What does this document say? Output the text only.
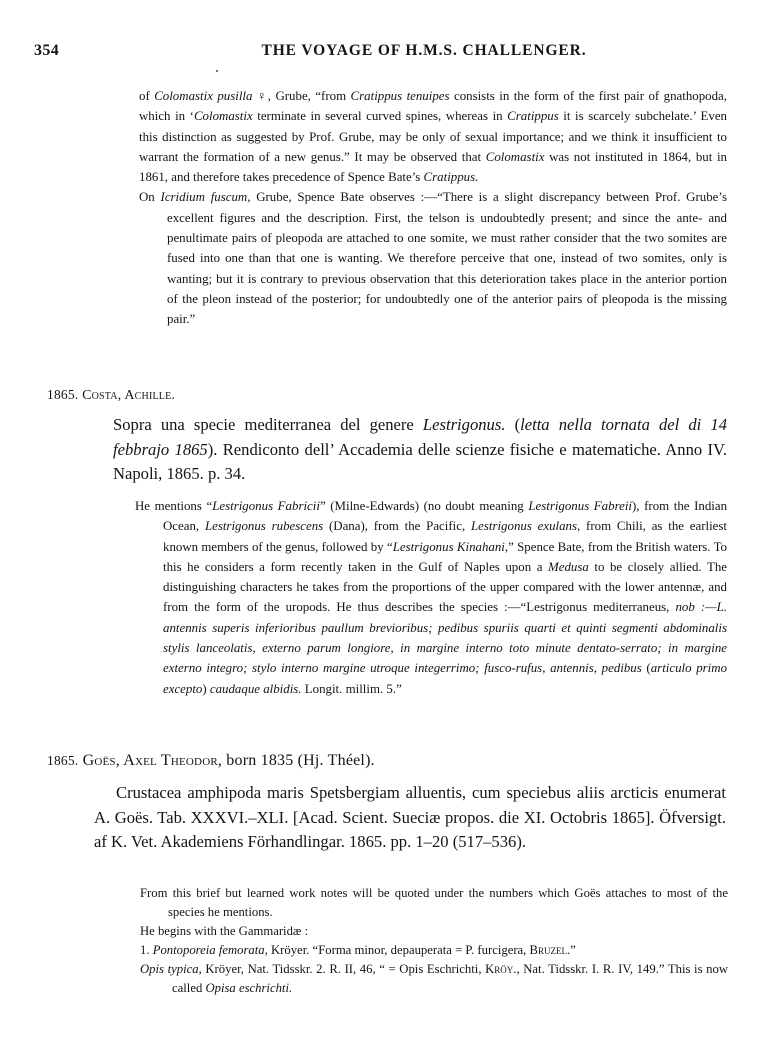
354	THE VOYAGE OF H.M.S. CHALLENGER.

of Colomastix pusilla ♀, Grube, “from Cratippus tenuipes consists in the form of the first pair of gnathopoda, which in ‘Colomastix terminate in several curved spines, whereas in Cratippus it is scarcely subchelate.’ Even this distinction as suggested by Prof. Grube, may be only of sexual importance; and we think it insufficient to warrant the formation of a new genus.” It may be observed that Colomastix was not instituted in 1864, but in 1861, and therefore takes precedence of Spence Bate’s Cratippus.

On Icridium fuscum, Grube, Spence Bate observes :—“There is a slight discrepancy between Prof. Grube’s excellent figures and the description. First, the telson is undoubtedly present; and since the ante- and penultimate pairs of pleopoda are attached to one somite, we must rather consider that the two somites are fused into one than that one is wanting. We therefore perceive that one, instead of two somites, only is wanting; but it is contrary to previous observation that this deterioration takes place in the anterior portion of the pleon instead of the posterior; for undoubtedly one of the anterior pairs of pleopoda is the missing pair.”

1865. Costa, Achille.
Sopra una specie mediterranea del genere Lestrigonus. (letta nella tornata del di 14 febbrajo 1865). Rendiconto dell’ Accademia delle scienze fisiche e matematiche. Anno IV. Napoli, 1865. p. 34.

He mentions “Lestrigonus Fabricii” (Milne-Edwards) (no doubt meaning Lestrigonus Fabreii), from the Indian Ocean, Lestrigonus rubescens (Dana), from the Pacific, Lestrigonus exulans, from Chili, as the earliest known members of the genus, followed by “Lestrigonus Kinahani,” Spence Bate, from the British waters. To this he considers a form recently taken in the Gulf of Naples upon a Medusa to be closely allied. The distinguishing characters he takes from the proportions of the upper compared with the lower antennæ, and from the form of the uropods. He thus describes the species :—“Lestrigonus mediterraneus, nob :—L. antennis superis inferioribus paullum brevioribus; pedibus spuriis quarti et quinti segmenti abdominalis stylis lanceolatis, externo parum longiore, in margine interno toto minute dentato-serrato; in margine externo integro; stylo interno margine utroque integerrimo; fusco-rufus, antennis, pedibus (articulo primo excepto) caudaque albidis. Longit. millim. 5.”

1865. Goës, Axel Theodor, born 1835 (Hj. Théel).
Crustacea amphipoda maris Spetsbergiam alluentis, cum speciebus aliis arcticis enumerat A. Goës. Tab. XXXVI.–XLI. [Acad. Scient. Sueciæ propos. die XI. Octobris 1865]. Öfversigt. af K. Vet. Akademiens Förhandlingar. 1865. pp. 1–20 (517–536).

From this brief but learned work notes will be quoted under the numbers which Goës attaches to most of the species he mentions.

He begins with the Gammaridæ :

1. Pontoporeia femorata, Kröyer. “Forma minor, depauperata = P. furcigera, Bruzel.”

Opis typica, Kröyer, Nat. Tidsskr. 2. R. II, 46, “ = Opis Eschrichti, Kröy., Nat. Tidsskr. I. R. IV, 149.” This is now called Opisa eschrichti.
